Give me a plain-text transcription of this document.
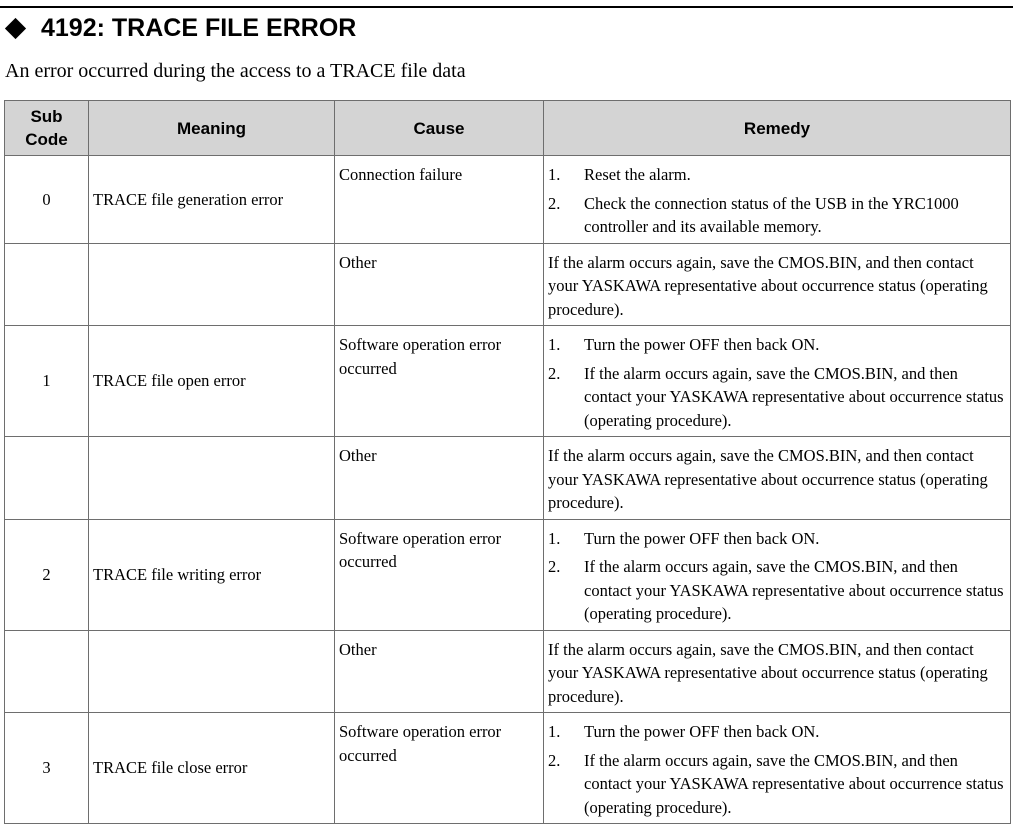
4192: TRACE FILE ERROR
An error occurred during the access to a TRACE file data
Sub
Code	Meaning	Cause	Remedy
0	TRACE file generation error	Connection failure	1. Reset the alarm.
2. Check the connection status of the USB in the YRC1000 controller and its available memory.

		Other	If the alarm occurs again, save the CMOS.BIN, and then contact your YASKAWA representative about occurrence status (operating procedure).
1	TRACE file open error	Software operation error occurred	1. Turn the power OFF then back ON.
2. If the alarm occurs again, save the CMOS.BIN, and then contact your YASKAWA representative about occurrence status (operating procedure).

		Other	If the alarm occurs again, save the CMOS.BIN, and then contact your YASKAWA representative about occurrence status (operating procedure).
2	TRACE file writing error	Software operation error occurred	1. Turn the power OFF then back ON.
2. If the alarm occurs again, save the CMOS.BIN, and then contact your YASKAWA representative about occurrence status (operating procedure).

		Other	If the alarm occurs again, save the CMOS.BIN, and then contact your YASKAWA representative about occurrence status (operating procedure).
3	TRACE file close error	Software operation error occurred	1. Turn the power OFF then back ON.
2. If the alarm occurs again, save the CMOS.BIN, and then contact your YASKAWA representative about occurrence status (operating procedure).
